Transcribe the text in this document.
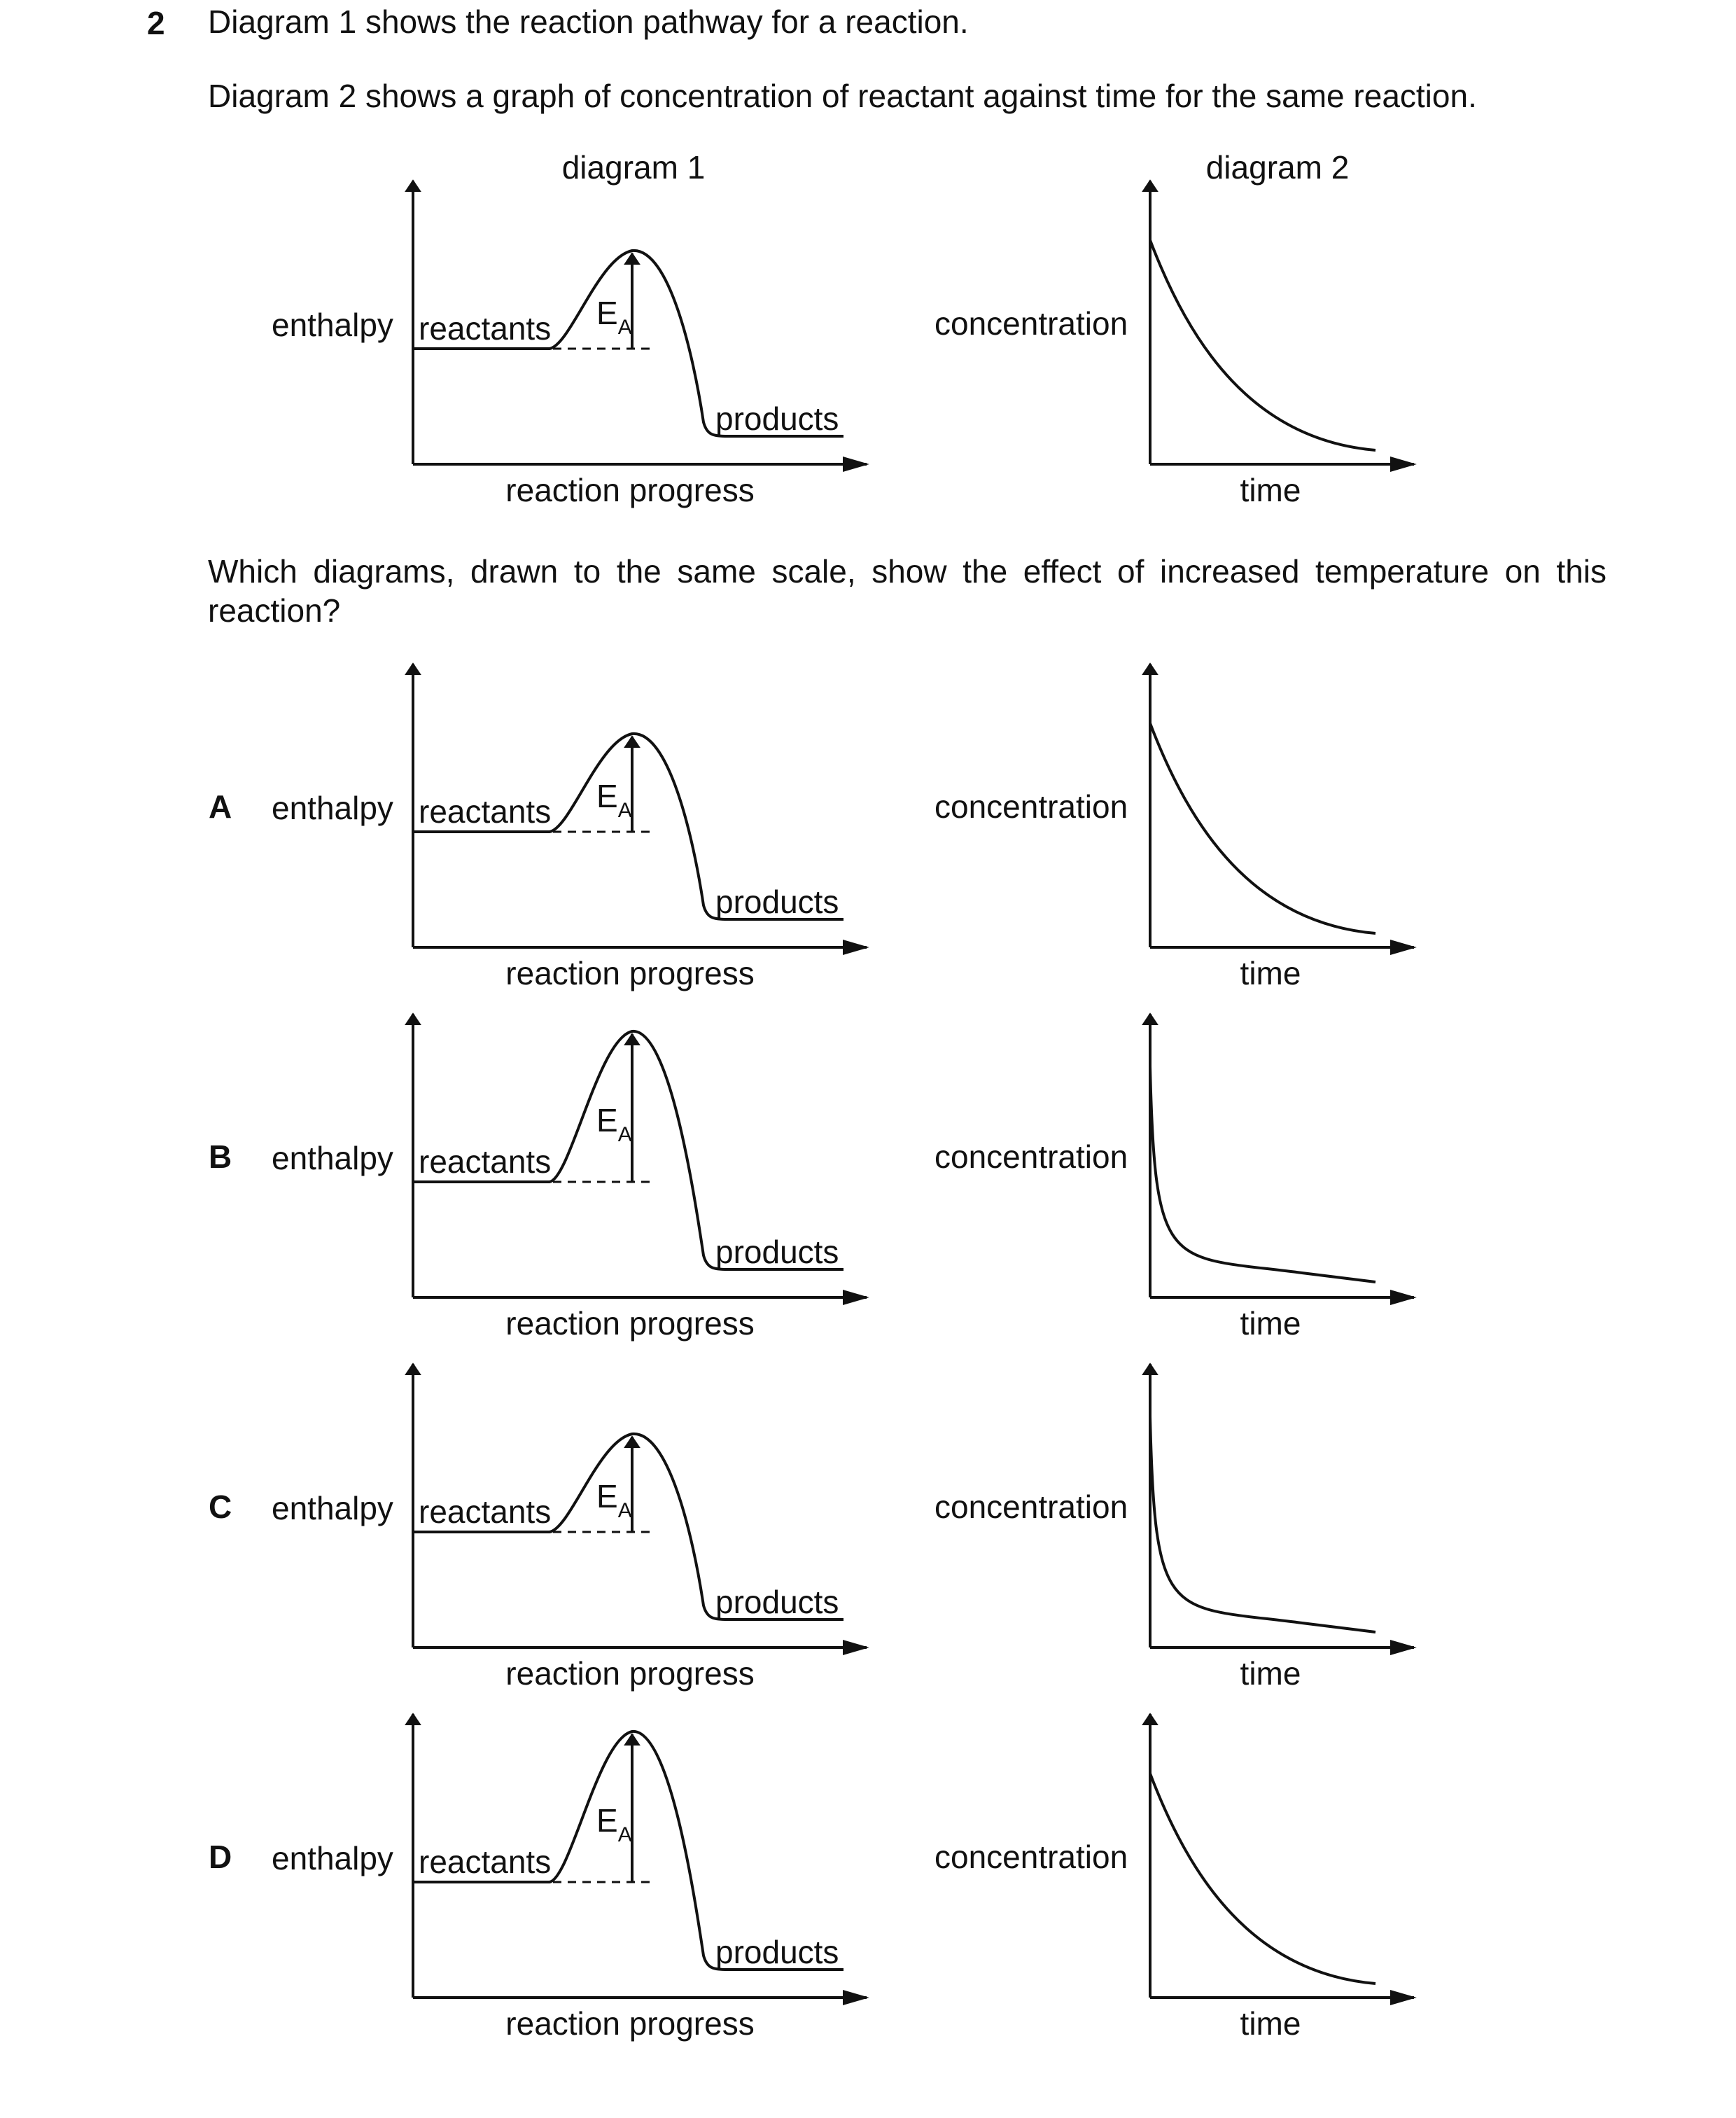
2 Diagram 1 shows the reaction pathway for a reaction.
Diagram 2 shows a graph of concentration of reactant against time for the same reaction.
diagram 1	diagram 2
Which diagrams, drawn to the same scale, show the effect of increased temperature on this reaction?
enthalpy reactants
products
reaction progress
$E_A$	concentration
time
A enthalpy reactants
products
reaction progress
$E_A$	concentration
time
B enthalpy reactants
products
reaction progress
$E_A$
concentration
time
C enthalpy reactants
products
reaction progress
$E_A$	concentration
time
D enthalpy reactants
products
reaction progress
$E_A$
concentration
time
